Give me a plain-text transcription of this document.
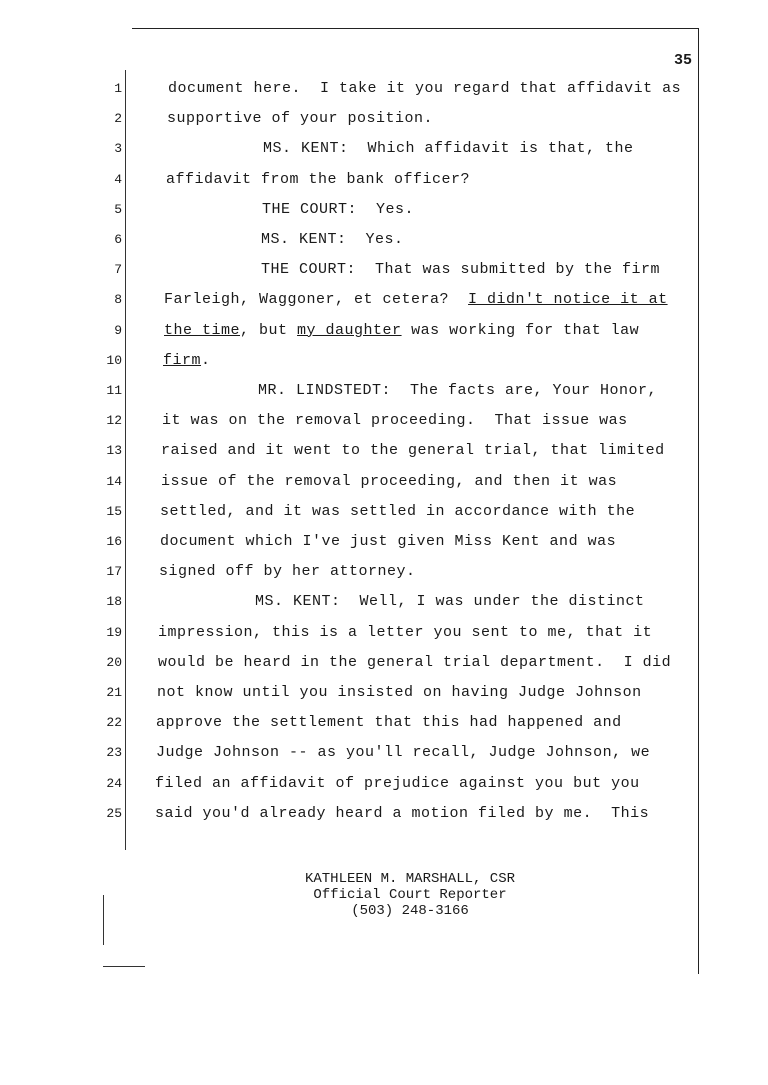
35
1	document here.  I take it you regard that affidavit as
2	supportive of your position.
3	MS. KENT:  Which affidavit is that, the
4	affidavit from the bank officer?
5	THE COURT:  Yes.
6	MS. KENT:  Yes.
7	THE COURT:  That was submitted by the firm
8	Farleigh, Waggoner, et cetera?  I didn't notice it at
9	the time, but my daughter was working for that law
10	firm.
11	MR. LINDSTEDT:  The facts are, Your Honor,
12	it was on the removal proceeding.  That issue was
13	raised and it went to the general trial, that limited
14	issue of the removal proceeding, and then it was
15	settled, and it was settled in accordance with the
16	document which I've just given Miss Kent and was
17 signed off by her attorney.
18	MS. KENT:  Well, I was under the distinct
19 impression, this is a letter you sent to me, that it
20 would be heard in the general trial department.  I did
21 not know until you insisted on having Judge Johnson
22 approve the settlement that this had happened and
23 Judge Johnson -- as you'll recall, Judge Johnson, we
24 filed an affidavit of prejudice against you but you
25 said you'd already heard a motion filed by me.  This
KATHLEEN M. MARSHALL, CSR
Official Court Reporter
(503) 248-3166
